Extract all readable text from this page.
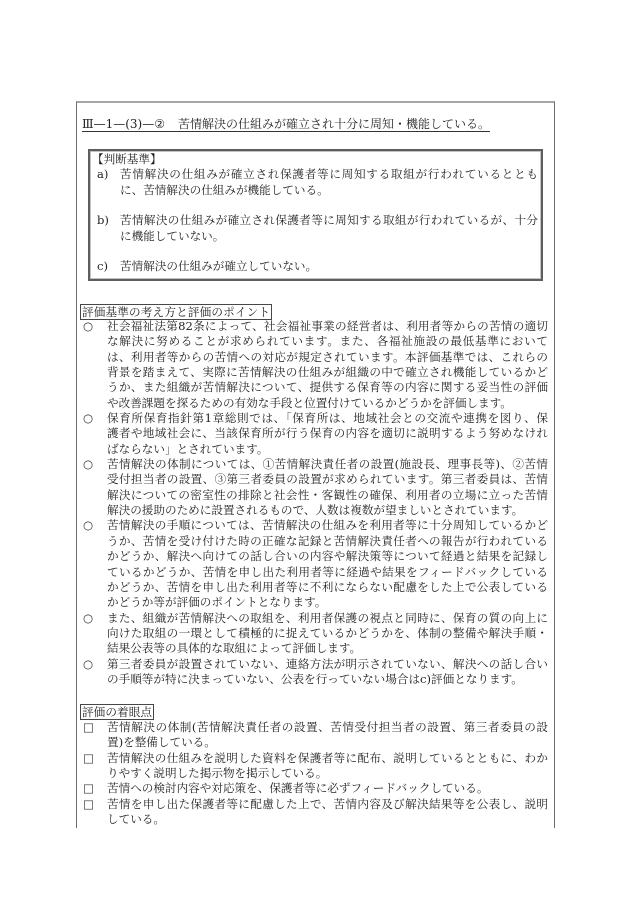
Ⅲ—1—(3)—② 苦情解決の仕組みが確立され十分に周知・機能している。
【判断基準】
a) 苦情解決の仕組みが確立され保護者等に周知する取組が行われているととも
に、苦情解決の仕組みが機能している。
b) 苦情解決の仕組みが確立され保護者等に周知する取組が行われているが、十分
に機能していない。
c) 苦情解決の仕組みが確立していない。
評価基準の考え方と評価のポイント
○ 社会福祉法第82条によって、社会福祉事業の経営者は、利用者等からの苦情の適切
な解決に努めることが求められています。また、各福祉施設の最低基準において
は、利用者等からの苦情への対応が規定されています。本評価基準では、これらの
背景を踏まえて、実際に苦情解決の仕組みが組織の中で確立され機能しているかど
うか、また組織が苦情解決について、提供する保育等の内容に関する妥当性の評価
や改善課題を探るための有効な手段と位置付けているかどうかを評価します。
○ 保育所保育指針第1章総則では、「保育所は、地域社会との交流や連携を図り、保
護者や地域社会に、当該保育所が行う保育の内容を適切に説明するよう努めなけれ
ばならない」とされています。
○ 苦情解決の体制については、①苦情解決責任者の設置(施設長、理事長等)、②苦情
受付担当者の設置、③第三者委員の設置が求められています。第三者委員は、苦情
解決についての密室性の排除と社会性・客観性の確保、利用者の立場に立った苦情
解決の援助のために設置されるもので、人数は複数が望ましいとされています。
○ 苦情解決の手順については、苦情解決の仕組みを利用者等に十分周知しているかど
うか、苦情を受け付けた時の正確な記録と苦情解決責任者への報告が行われている
かどうか、解決へ向けての話し合いの内容や解決策等について経過と結果を記録し
ているかどうか、苦情を申し出た利用者等に経過や結果をフィードバックしている
かどうか、苦情を申し出た利用者等に不利にならない配慮をした上で公表している
かどうか等が評価のポイントとなります。
○ また、組織が苦情解決への取組を、利用者保護の視点と同時に、保育の質の向上に
向けた取組の一環として積極的に捉えているかどうかを、体制の整備や解決手順・
結果公表等の具体的な取組によって評価します。
○ 第三者委員が設置されていない、連絡方法が明示されていない、解決への話し合い
の手順等が特に決まっていない、公表を行っていない場合はc)評価となります。
評価の着眼点
□ 苦情解決の体制(苦情解決責任者の設置、苦情受付担当者の設置、第三者委員の設
置)を整備している。
□ 苦情解決の仕組みを説明した資料を保護者等に配布、説明しているとともに、わか
りやすく説明した掲示物を掲示している。
□ 苦情への検討内容や対応策を、保護者等に必ずフィードバックしている。
□ 苦情を申し出た保護者等に配慮した上で、苦情内容及び解決結果等を公表し、説明
している。
